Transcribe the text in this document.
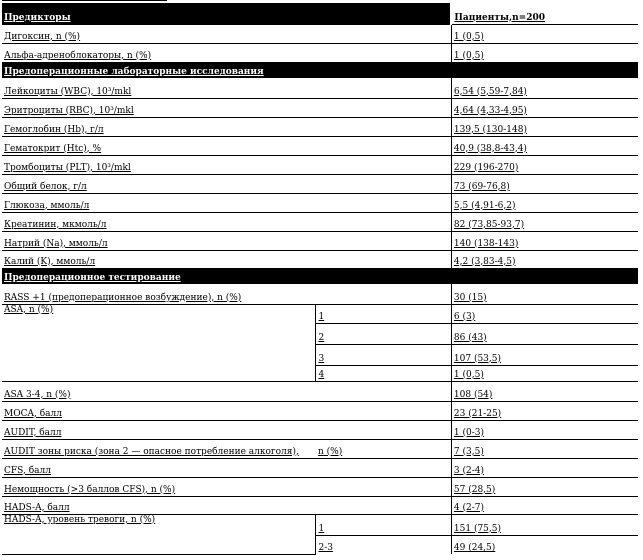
Предикторы		Пациенты,n=200
Дигоксин, n (%)		1 (0,5)
Альфа-адреноблокаторы, n (%)		1 (0,5)
Предоперационные лабораторные исследования		
Лейкоциты (WBC), 10³/mkl		6,54 (5,59-7,84)
Эритроциты (RBC), 10³/mkl		4,64 (4,33-4,95)
Гемоглобин (Hb), г/л		139,5 (130-148)
Гематокрит (Htc), %		40,9 (38,8-43,4)
Тромбоциты (PLT), 10³/mkl		229 (196-270)
Общий белок, г/л		73 (69-76,8)
Глюкоза, ммоль/л		5,5 (4,91-6,2)
Креатинин, мкмоль/л		82 (73,85-93,7)
Натрий (Na), ммоль/л		140 (138-143)
Калий (K), ммоль/л		4,2 (3,83-4,5)
Предоперационное тестирование		
RASS +1 (предоперационное возбуждение), n (%)		30 (15)
ASA, n (%)	1	6 (3)
	2	86 (43)
	3	107 (53,5)
	4	1 (0,5)
ASA 3-4, n (%)		108 (54)
MOCA, балл		23 (21-25)
AUDIT, балл		1 (0-3)
AUDIT зоны риска (зона 2 — опасное потребление алкоголя),	n (%)	7 (3,5)
CFS, балл		3 (2-4)
Немощность (>3 баллов CFS), n (%)		57 (28,5)
HADS-A, балл		4 (2-7)
HADS-A, уровень тревоги, n (%)	1	151 (75,5)
	2-3	49 (24,5)
